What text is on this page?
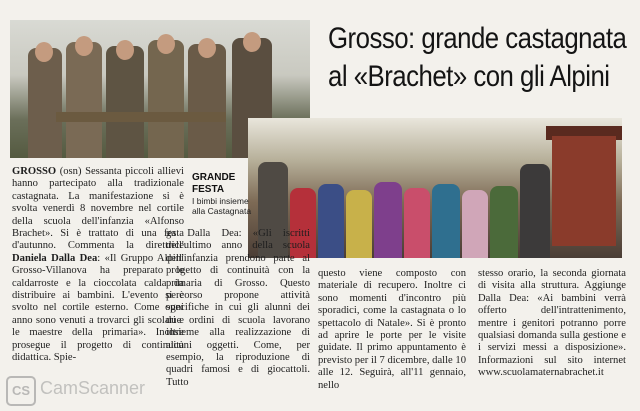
Grosso: grande castagnata
al «Brachet» con gli Alpini
GRANDE
FESTA
I bimbi insieme alla Castagnata

GROSSO (osn) Sessanta piccoli allievi hanno partecipato alla tradizionale castagnata. La manifestazione si è svolta venerdì 8 novembre nel cortile della scuola dell'infanzia «Alfonso Brachet». Si è trattato di una festa d'autunno. Commenta la direttrice Daniela Dalla Dea: «Il Gruppo Alpini Grosso-Villanova ha preparato le caldarroste e la cioccolata calda da distribuire ai bambini. L'evento si è svolto nel cortile esterno. Come ogni anno sono venuti a trovarci gli scolari e le maestre della primaria». Inoltre prosegue il progetto di continuità didattica. Spie-

ga Dalla Dea: «Gli iscritti dell'ultimo anno della scuola dell'infanzia prendono parte al progetto di continuità con la primaria di Grosso. Questo percorso propone attività specifiche in cui gli alunni dei due ordini di scuola lavorano insieme alla realizzazione di alcuni oggetti. Come, per esempio, la riproduzione di quadri famosi e di giocattoli. Tutto

questo viene composto con materiale di recupero. Inoltre ci sono momenti d'incontro più sporadici, come la castagnata o lo spettacolo di Natale». Si è pronto ad aprire le porte per le visite guidate. Il primo appuntamento è previsto per il 7 dicembre, dalle 10 alle 12. Seguirà, all'11 gennaio, nello

stesso orario, la seconda giornata di visita alla struttura. Aggiunge Dalla Dea: «Ai bambini verrà offerto dell'intrattenimento, mentre i genitori potranno porre qualsiasi domanda sulla gestione e i servizi messi a disposizione». Informazioni sul sito internet www.scuolamaternabrachet.it

CS CamScanner
